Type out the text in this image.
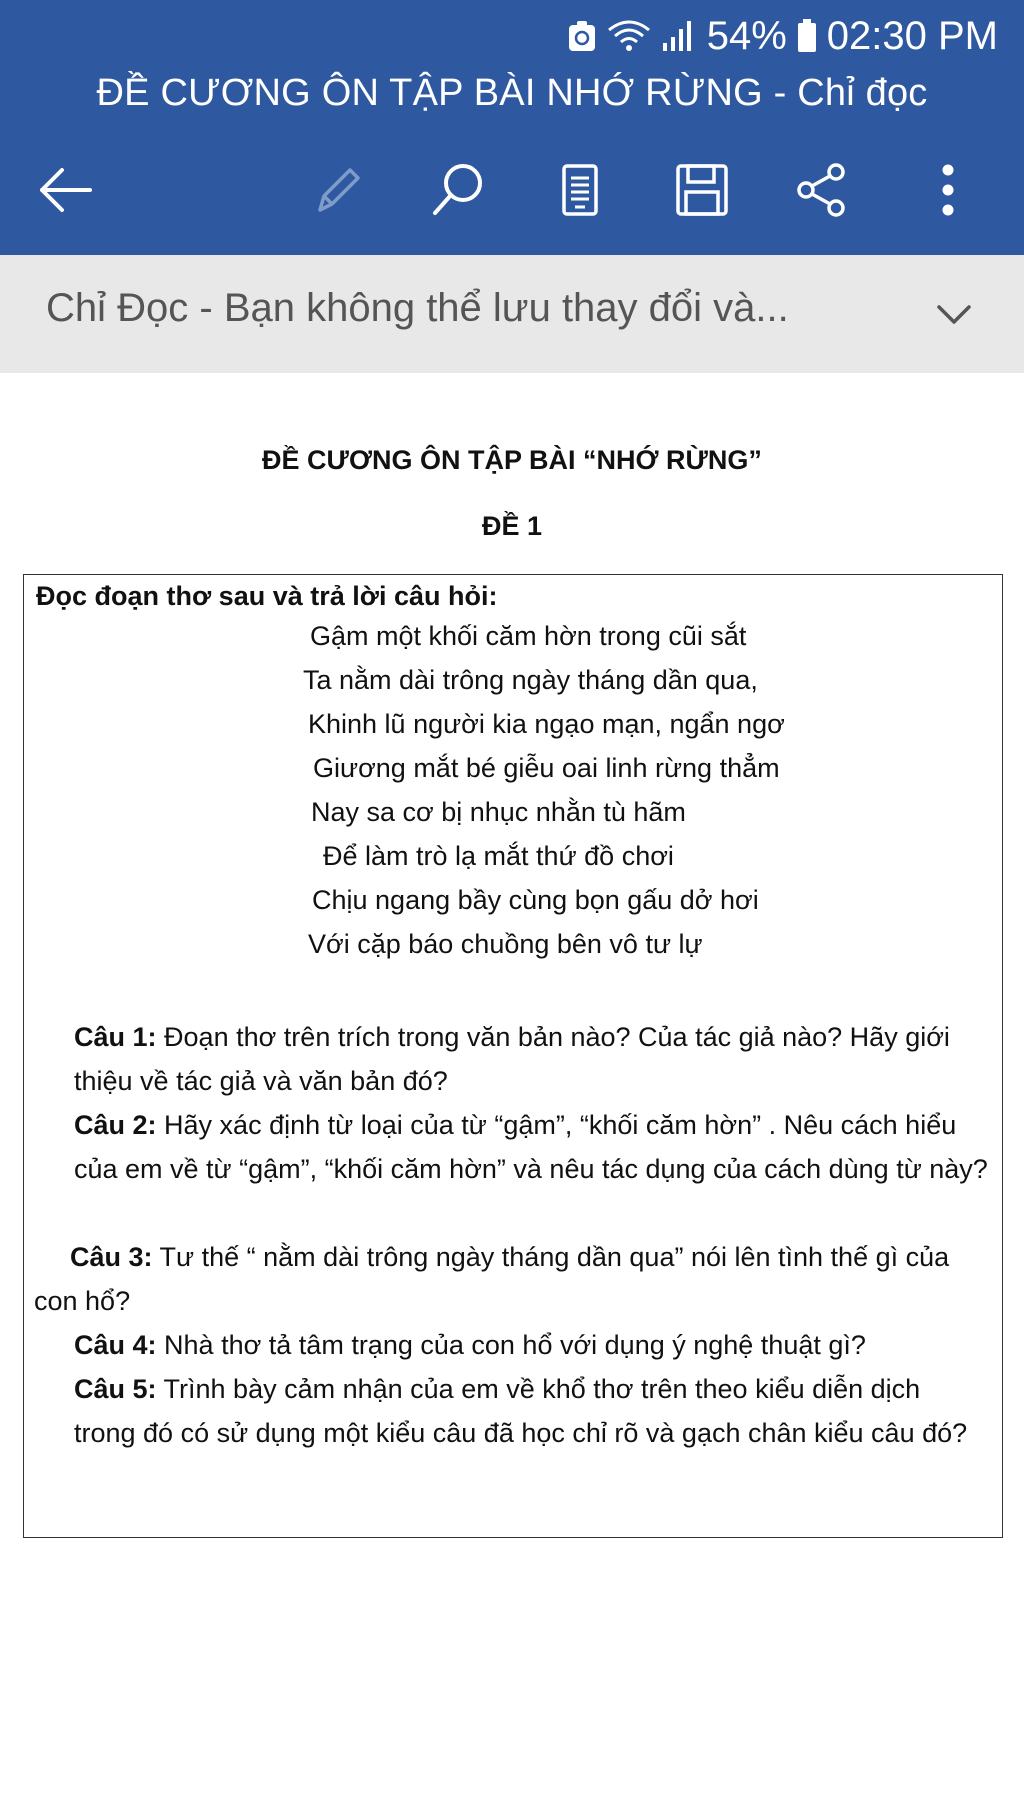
54% 02:30 PM
ĐỀ CƯƠNG ÔN TẬP BÀI NHỚ RỪNG - Chỉ đọc
Chỉ Đọc - Bạn không thể lưu thay đổi và...
ĐỀ CƯƠNG ÔN TẬP BÀI “NHỚ RỪNG”
ĐỀ 1
Đọc đoạn thơ sau và trả lời câu hỏi:
Gậm một khối căm hờn trong cũi sắt
Ta nằm dài trông ngày tháng dần qua,
Khinh lũ người kia ngạo mạn, ngẩn ngơ
Giương mắt bé giễu oai linh rừng thẳm
Nay sa cơ bị nhục nhằn tù hãm
Để làm trò lạ mắt thứ đồ chơi
Chịu ngang bầy cùng bọn gấu dở hơi
Với cặp báo chuồng bên vô tư lự
Câu 1: Đoạn thơ trên trích trong văn bản nào? Của tác giả nào? Hãy giới thiệu về tác giả và văn bản đó?
Câu 2: Hãy xác định từ loại của từ “gậm”, “khối căm hờn” . Nêu cách hiểu của em về từ “gậm”, “khối căm hờn” và nêu tác dụng của cách dùng từ này?
Câu 3: Tư thế “ nằm dài trông ngày tháng dần qua” nói lên tình thế gì của con hổ?
Câu 4: Nhà thơ tả tâm trạng của con hổ với dụng ý nghệ thuật gì?
Câu 5: Trình bày cảm nhận của em về khổ thơ trên theo kiểu diễn dịch trong đó có sử dụng một kiểu câu đã học chỉ rõ và gạch chân kiểu câu đó?
